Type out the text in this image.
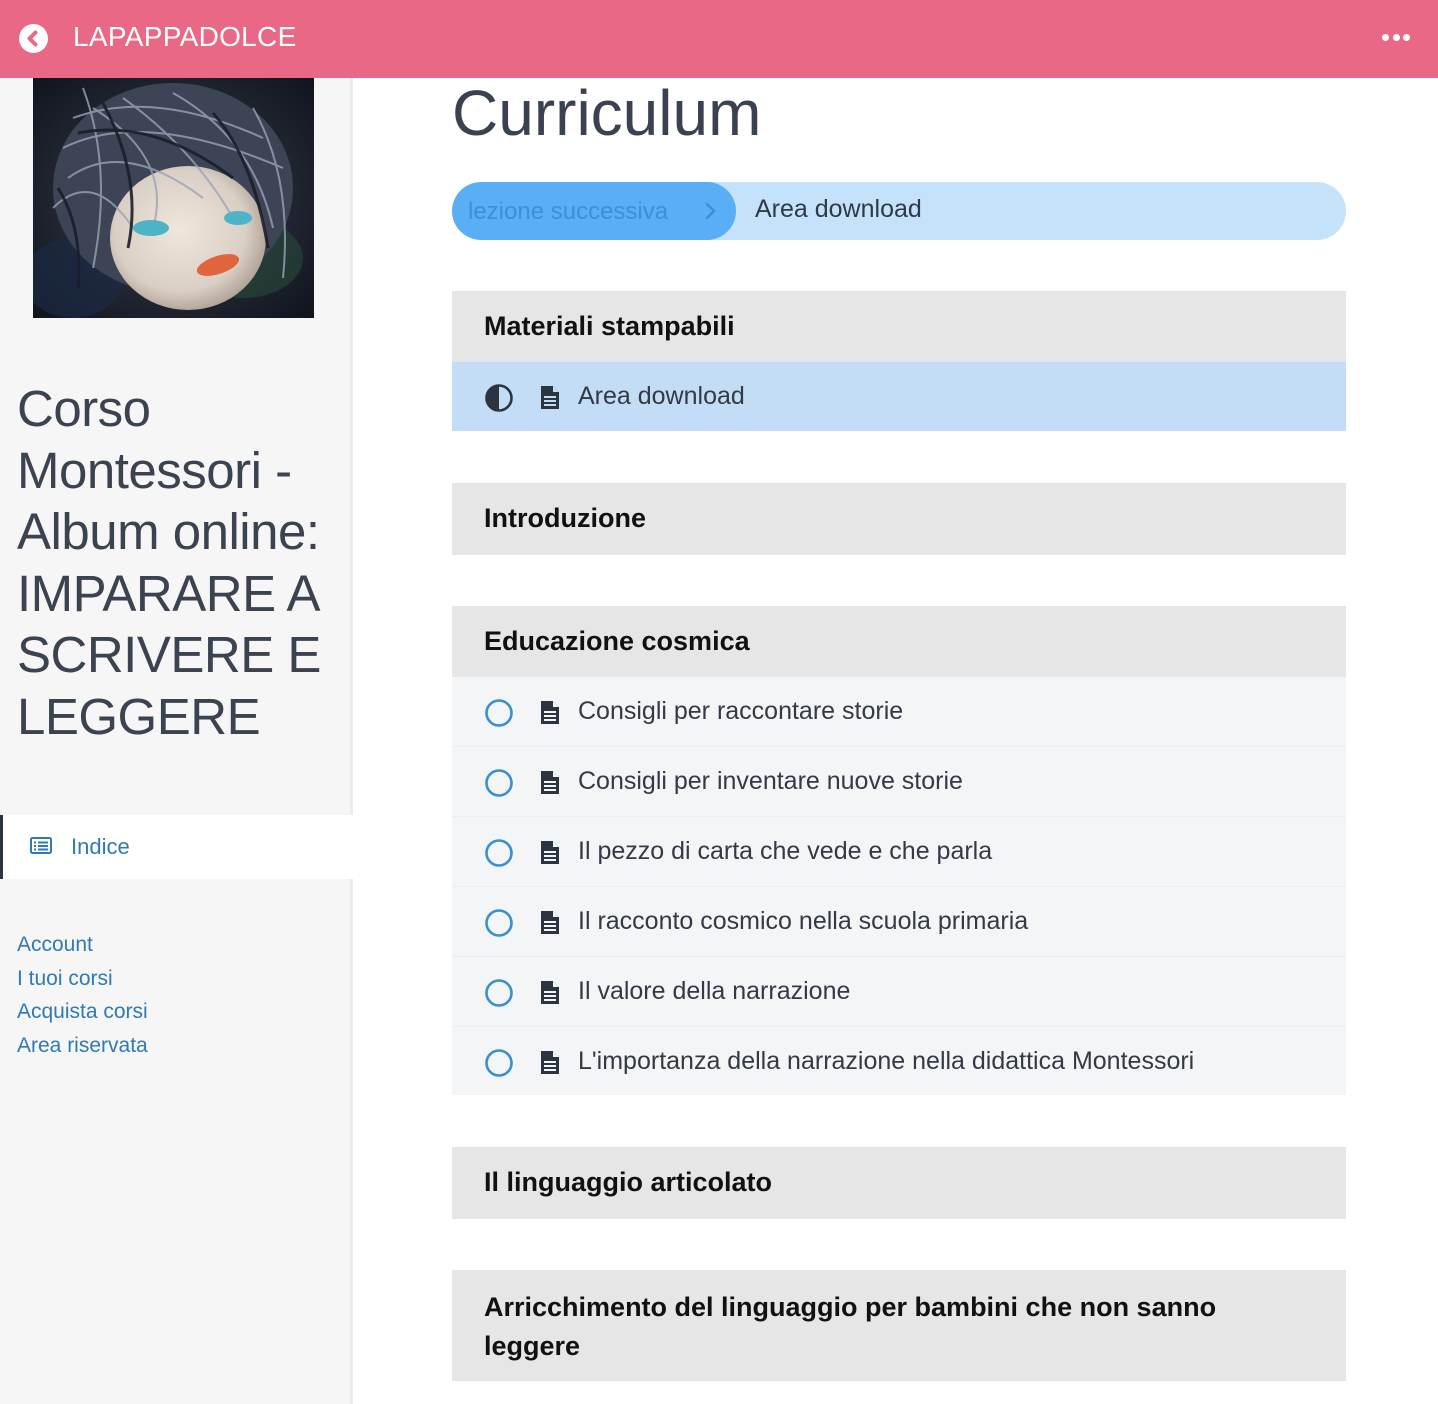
LAPAPPADOLCE
Corso Montessori - Album online: IMPARARE A SCRIVERE E LEGGERE
Indice
Account
I tuoi corsi
Acquista corsi
Area riservata
Curriculum
lezione successiva	Area download
Materiali stampabili
Area download
Introduzione
Educazione cosmica
Consigli per raccontare storie
Consigli per inventare nuove storie
Il pezzo di carta che vede e che parla
Il racconto cosmico nella scuola primaria
Il valore della narrazione
L'importanza della narrazione nella didattica Montessori
Il linguaggio articolato
Arricchimento del linguaggio per bambini che non sanno leggere
